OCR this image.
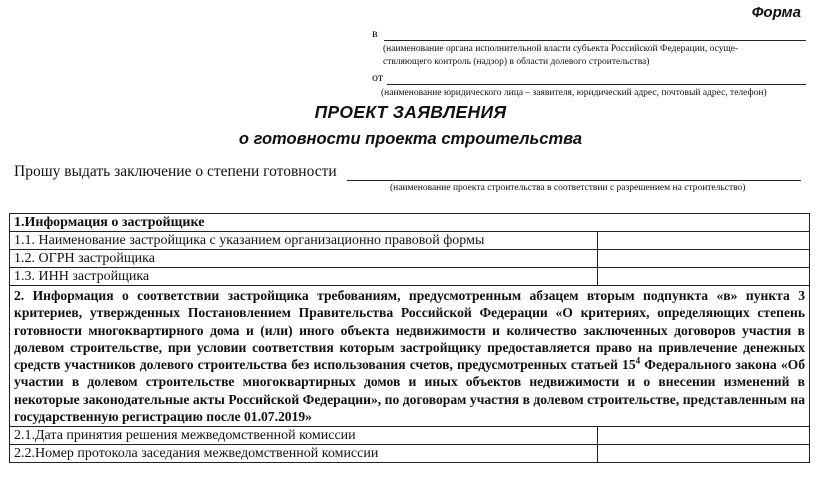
Форма
в
(наименование органа исполнительной власти субъекта Российской Федерации, осуще-
ствляющего контроль (надзор) в области долевого строительства)
от
(наименование юридического лица – заявителя, юридический адрес, почтовый адрес, телефон)
ПРОЕКТ ЗАЯВЛЕНИЯ
о готовности проекта строительства
Прошу выдать заключение о степени готовности
(наименование проекта строительства в соответствии с разрешением на строительство)
1.Информация о застройщике	
1.1. Наименование застройщика с указанием организационно правовой формы	
1.2. ОГРН застройщика	
1.3. ИНН застройщика	
2. Информация о соответствии застройщика требованиям, предусмотренным абзацем вторым подпункта «в» пункта 3 критериев, утвержденных Постановлением Правительства Российской Федерации «О критериях, определяющих степень готовности многоквартирного дома и (или) иного объекта недвижимости и количество заключенных договоров участия в долевом строительстве, при условии соответствия которым застройщику предоставляется право на привлечение денежных средств участников долевого строительства без использования счетов, предусмотренных статьей $15^4$ Федерального закона «Об участии в долевом строительстве многоквартирных домов и иных объектов недвижимости и о внесении изменений в некоторые законодательные акты Российской Федерации», по договорам участия в долевом строительстве, представленным на государственную регистрацию после 01.07.2019»	
2.1.Дата принятия решения межведомственной комиссии	
2.2.Номер протокола заседания межведомственной комиссии	
